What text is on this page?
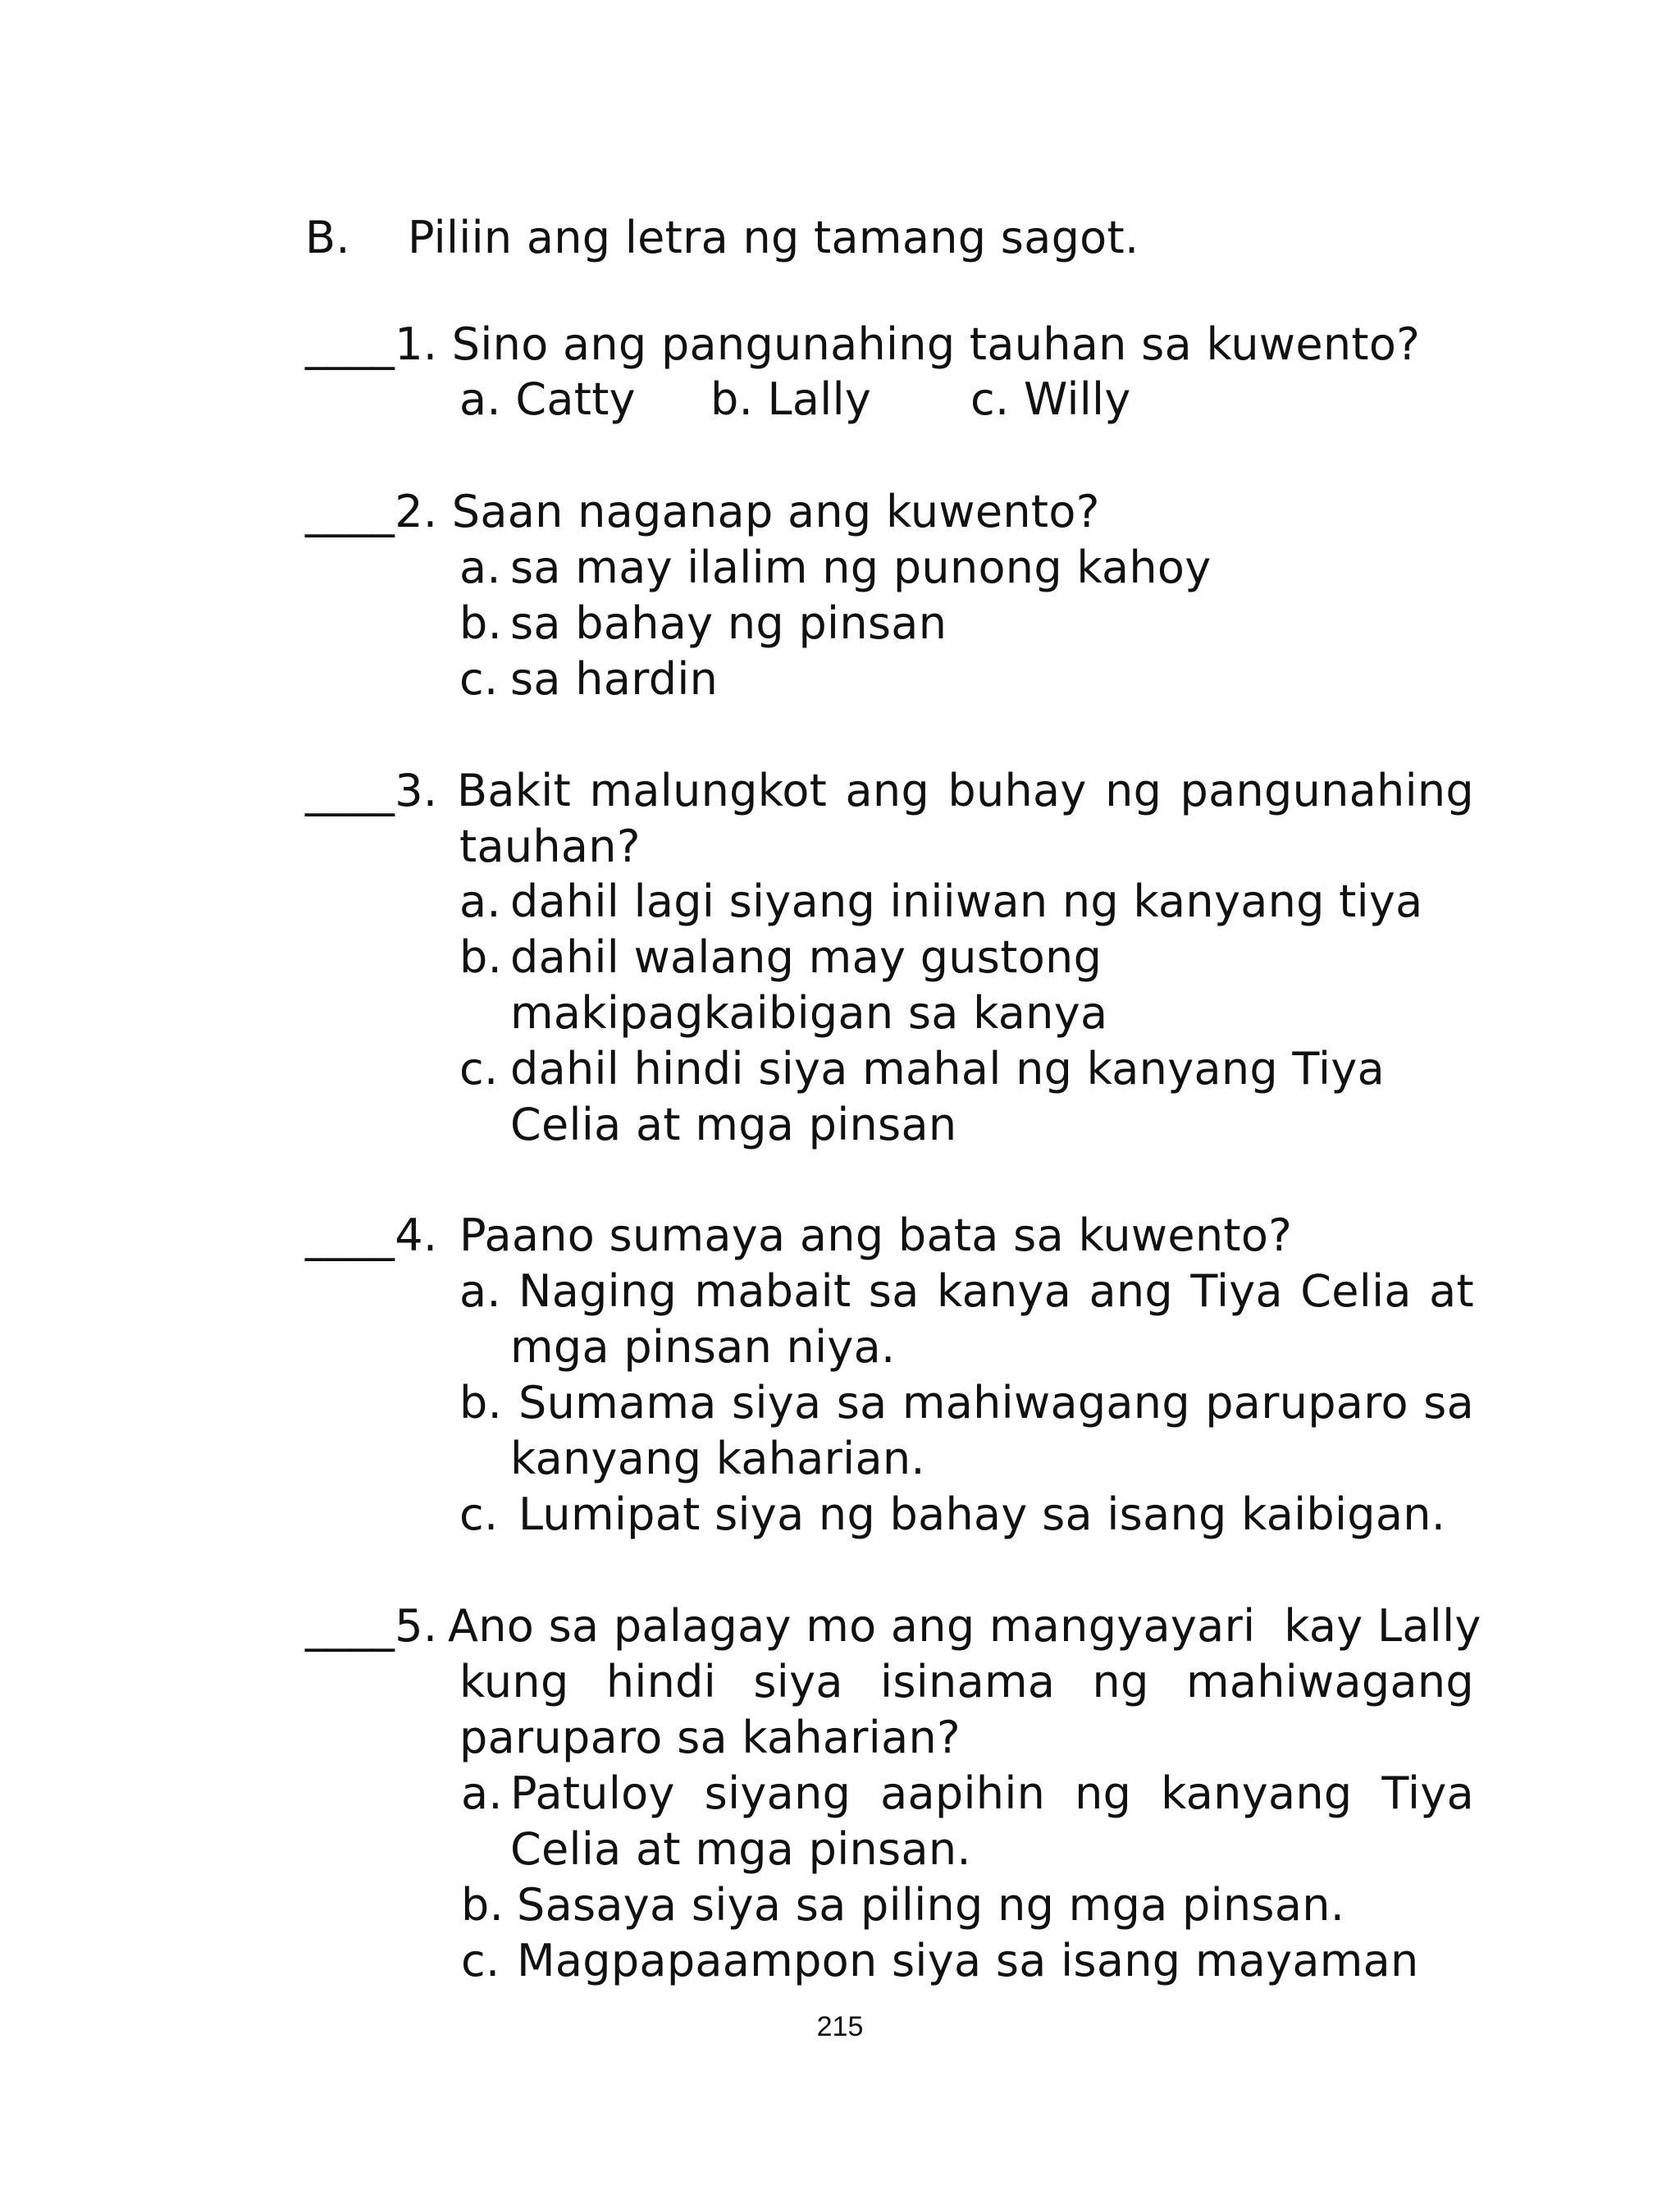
B. Piliin ang letra ng tamang sagot.
____1. Sino ang pangunahing tauhan sa kuwento?
a. Catty b. Lally c. Willy
____2. Saan naganap ang kuwento?
a. sa may ilalim ng punong kahoy
b. sa bahay ng pinsan
c. sa hardin
____3. Bakit malungkot ang buhay ng pangunahing
tauhan?
a. dahil lagi siyang iniiwan ng kanyang tiya
b. dahil walang may gustong
makipagkaibigan sa kanya
c. dahil hindi siya mahal ng kanyang Tiya
Celia at mga pinsan
____4. Paano sumaya ang bata sa kuwento?
a. Naging mabait sa kanya ang Tiya Celia at
mga pinsan niya.
b. Sumama siya sa mahiwagang paruparo sa
kanyang kaharian.
c. Lumipat siya ng bahay sa isang kaibigan.
____5. Ano sa palagay mo ang mangyayari  kay Lally
kung hindi siya isinama ng mahiwagang
paruparo sa kaharian?
a. Patuloy siyang aapihin ng kanyang Tiya
Celia at mga pinsan.
b. Sasaya siya sa piling ng mga pinsan.
c. Magpapaampon siya sa isang mayaman
215
